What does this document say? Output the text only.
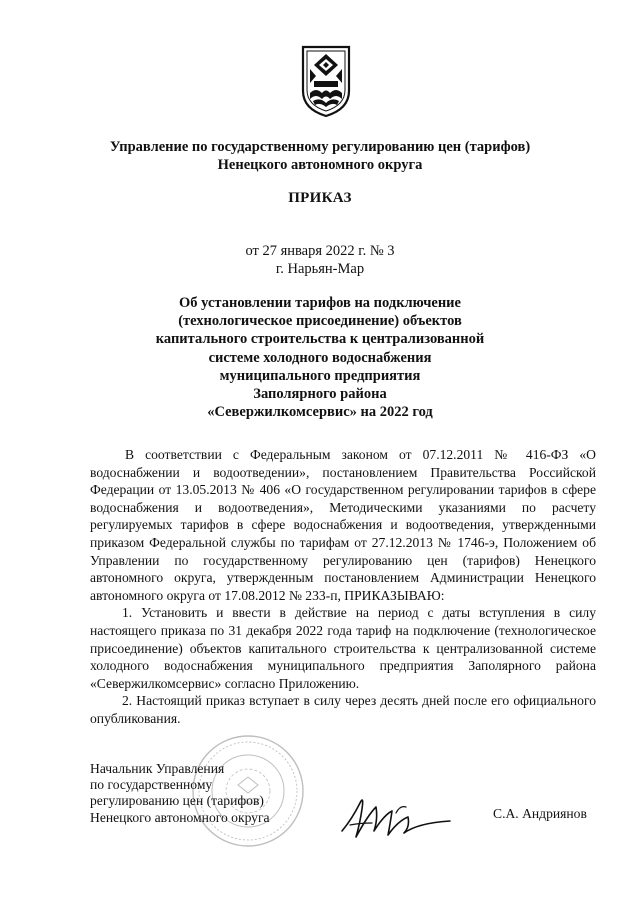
Управление по государственному регулированию цен (тарифов)
Ненецкого автономного округа
ПРИКАЗ
от 27 января 2022 г. № 3
г. Нарьян-Мар
Об установлении тарифов на подключение
(технологическое присоединение) объектов
капитального строительства к централизованной
системе холодного водоснабжения
муниципального предприятия
Заполярного района
«Севержилкомсервис» на 2022 год

В соответствии с Федеральным законом от 07.12.2011 № 416-ФЗ «О водоснабжении и водоотведении», постановлением Правительства Российской Федерации от 13.05.2013 № 406 «О государственном регулировании тарифов в сфере водоснабжения и водоотведения», Методическими указаниями по расчету регулируемых тарифов в сфере водоснабжения и водоотведения, утвержденными приказом Федеральной службы по тарифам от 27.12.2013 № 1746-э, Положением об Управлении по государственному регулированию цен (тарифов) Ненецкого автономного округа, утвержденным постановлением Администрации Ненецкого автономного округа от 17.08.2012 № 233-п, ПРИКАЗЫВАЮ:

1. Установить и ввести в действие на период с даты вступления в силу настоящего приказа по 31 декабря 2022 года тариф на подключение (технологическое присоединение) объектов капитального строительства к централизованной системе холодного водоснабжения муниципального предприятия Заполярного района «Севержилкомсервис» согласно Приложению.

2. Настоящий приказ вступает в силу через десять дней после его официального опубликования.

Начальник Управления
по государственному
регулированию цен (тарифов)
Ненецкого автономного округа	С.А. Андриянов
